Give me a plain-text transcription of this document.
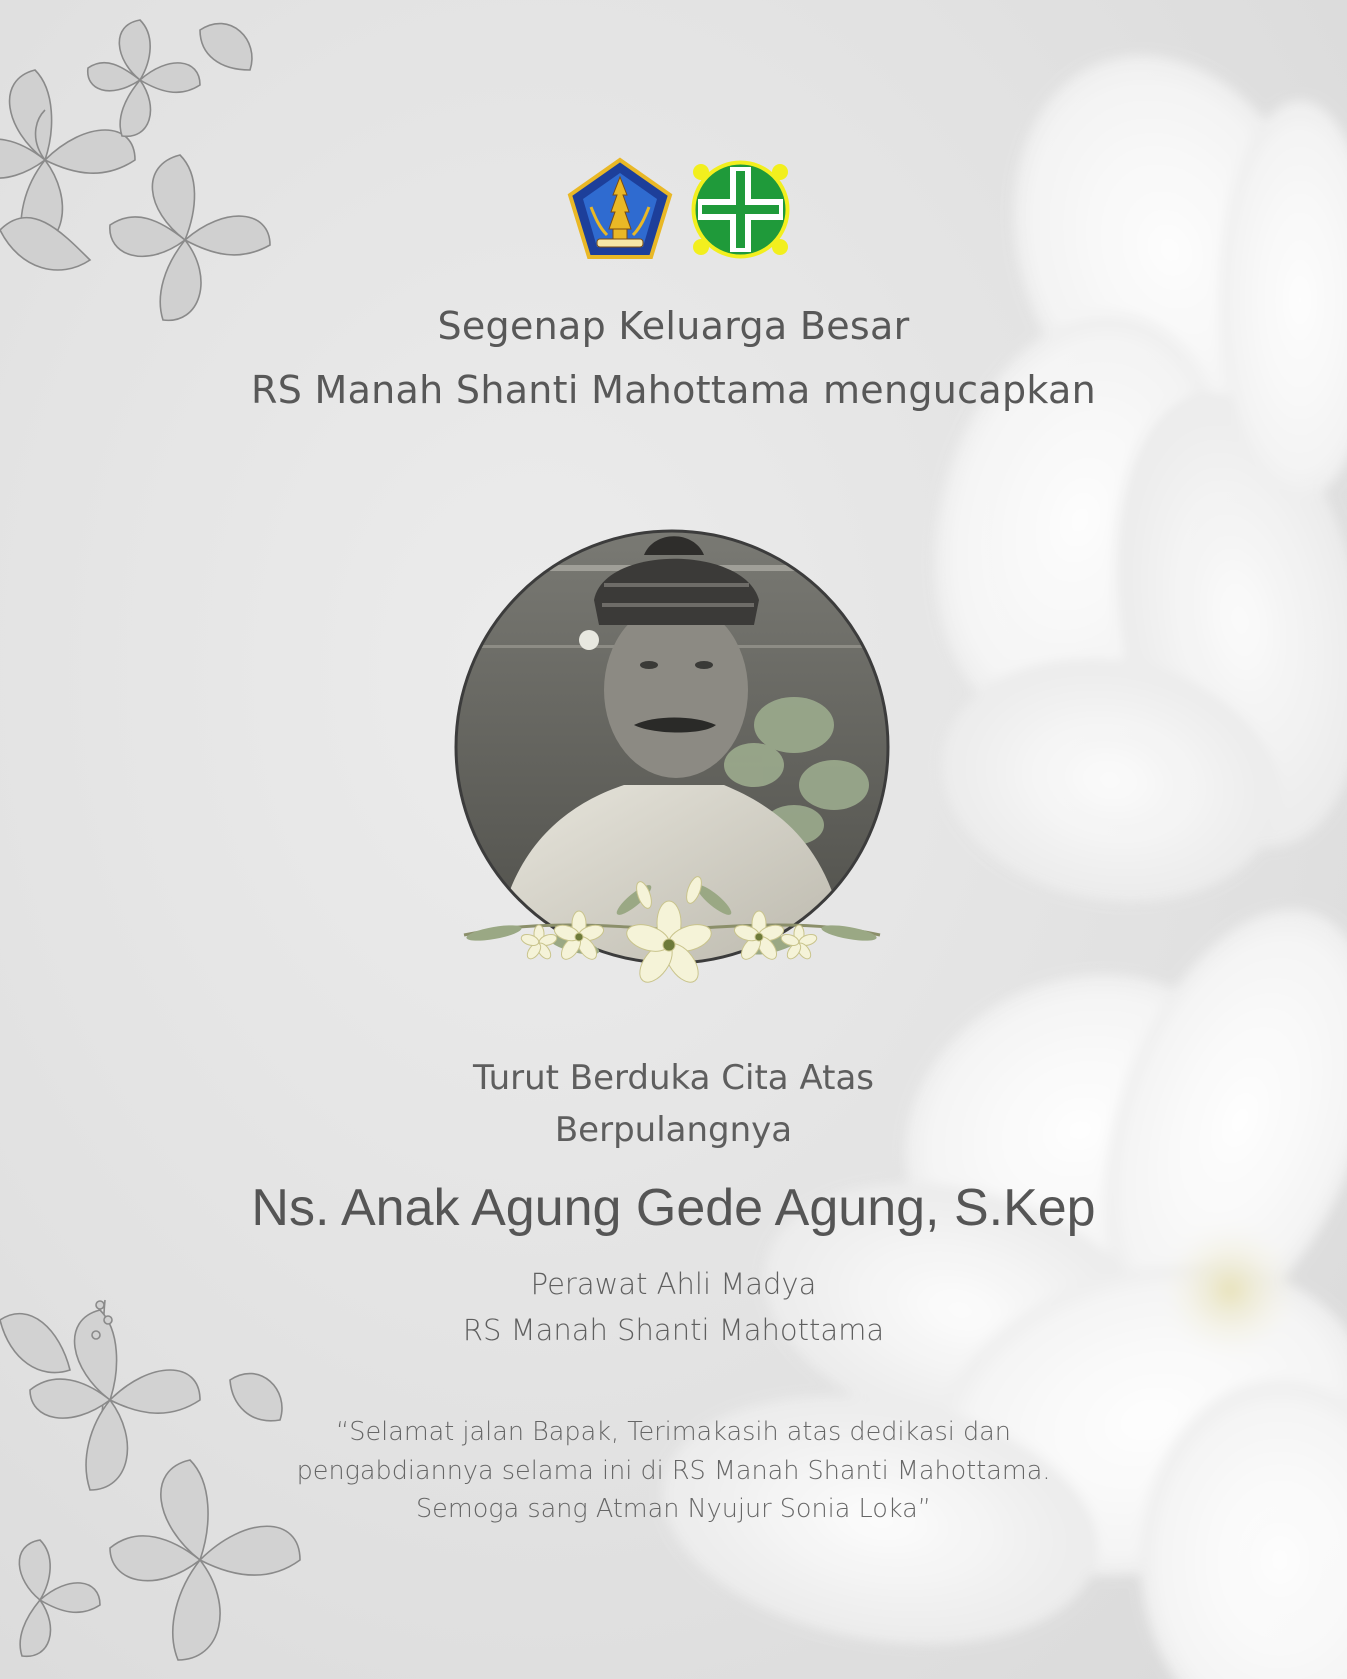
Segenap Keluarga Besar
RS Manah Shanti Mahottama mengucapkan
Turut Berduka Cita Atas
Berpulangnya
Ns. Anak Agung Gede Agung, S.Kep
Perawat Ahli Madya
RS Manah Shanti Mahottama
“Selamat jalan Bapak, Terimakasih atas dedikasi dan
pengabdiannya selama ini di RS Manah Shanti Mahottama.
Semoga sang Atman Nyujur Sonia Loka”
